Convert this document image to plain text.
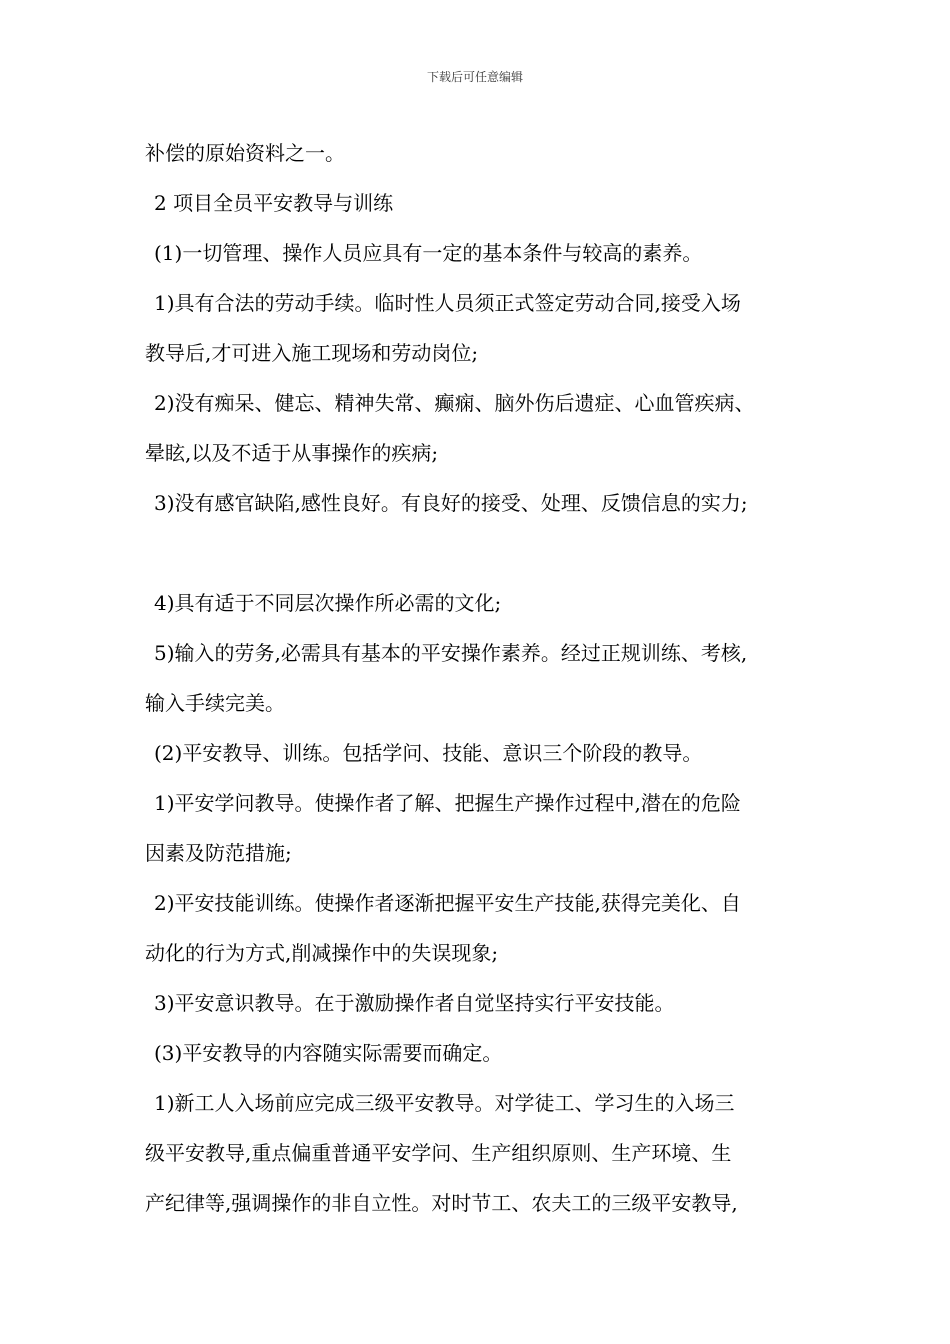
下载后可任意编辑
补偿的原始资料之一。
2 项目全员平安教导与训练
(1)一切管理、操作人员应具有一定的基本条件与较高的素养。
1)具有合法的劳动手续。临时性人员须正式签定劳动合同,接受入场
教导后,才可进入施工现场和劳动岗位;
2)没有痴呆、健忘、精神失常、癫痫、脑外伤后遗症、心血管疾病、
晕眩,以及不适于从事操作的疾病;
3)没有感官缺陷,感性良好。有良好的接受、处理、反馈信息的实力;
4)具有适于不同层次操作所必需的文化;
5)输入的劳务,必需具有基本的平安操作素养。经过正规训练、考核,
输入手续完美。
(2)平安教导、训练。包括学问、技能、意识三个阶段的教导。
1)平安学问教导。使操作者了解、把握生产操作过程中,潜在的危险
因素及防范措施;
2)平安技能训练。使操作者逐渐把握平安生产技能,获得完美化、自
动化的行为方式,削减操作中的失误现象;
3)平安意识教导。在于激励操作者自觉坚持实行平安技能。
(3)平安教导的内容随实际需要而确定。
1)新工人入场前应完成三级平安教导。对学徒工、学习生的入场三
级平安教导,重点偏重普通平安学问、生产组织原则、生产环境、生
产纪律等,强调操作的非自立性。对时节工、农夫工的三级平安教导,
